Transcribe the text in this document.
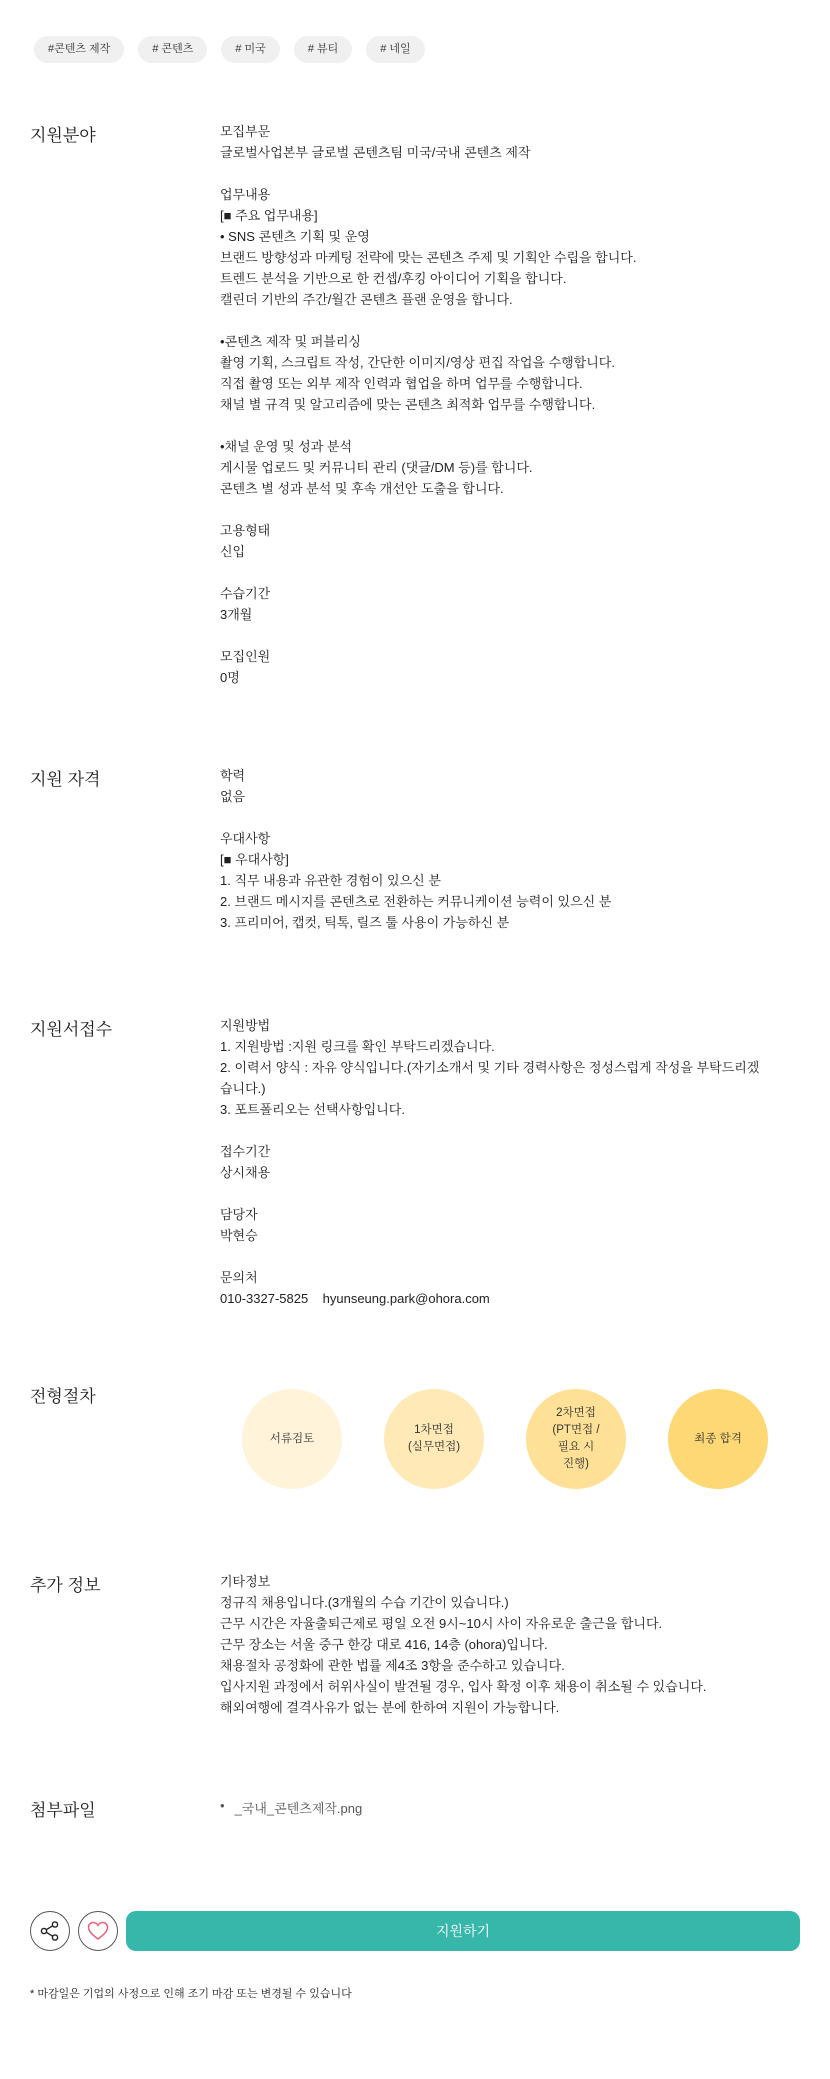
#콘텐츠 제작	# 콘텐츠	# 미국	# 뷰티	# 네일
지원분야	모집부문
글로벌사업본부 글로벌 콘텐츠팀 미국/국내 콘텐츠 제작
업무내용
[■ 주요 업무내용]
• SNS 콘텐츠 기획 및 운영
브랜드 방향성과 마케팅 전략에 맞는 콘텐츠 주제 및 기획안 수립을 합니다.
트렌드 분석을 기반으로 한 컨셉/후킹 아이디어 기획을 합니다.
캘린더 기반의 주간/월간 콘텐츠 플랜 운영을 합니다.
•콘텐츠 제작 및 퍼블리싱
촬영 기획, 스크립트 작성, 간단한 이미지/영상 편집 작업을 수행합니다.
직접 촬영 또는 외부 제작 인력과 협업을 하며 업무를 수행합니다.
채널 별 규격 및 알고리즘에 맞는 콘텐츠 최적화 업무를 수행합니다.
•채널 운영 및 성과 분석
게시물 업로드 및 커뮤니티 관리 (댓글/DM 등)를 합니다.
콘텐츠 별 성과 분석 및 후속 개선안 도출을 합니다.
고용형태
신입
수습기간
3개월
모집인원
0명
지원 자격	학력
없음
우대사항
[■ 우대사항]
1. 직무 내용과 유관한 경험이 있으신 분
2. 브랜드 메시지를 콘텐츠로 전환하는 커뮤니케이션 능력이 있으신 분
3. 프리미어, 캡컷, 틱톡, 릴즈 툴 사용이 가능하신 분
지원서접수	지원방법
1. 지원방법 :지원 링크를 확인 부탁드리겠습니다.
2. 이력서 양식 : 자유 양식입니다.(자기소개서 및 기타 경력사항은 정성스럽게 작성을 부탁드리겠습니다.)
3. 포트폴리오는 선택사항입니다.
접수기간
상시채용
담당자
박현승
문의처
010-3327-5825    hyunseung.park@ohora.com
전형절차
서류검토
1차면접
(실무면접)
2차면접
(PT면접 /
필요 시
진행)
최종 합격
추가 정보	기타정보
정규직 채용입니다.(3개월의 수습 기간이 있습니다.)
근무 시간은 자율출퇴근제로 평일 오전 9시~10시 사이 자유로운 출근을 합니다.
근무 장소는 서울 중구 한강 대로 416, 14층 (ohora)입니다.
채용절차 공정화에 관한 법률 제4조 3항을 준수하고 있습니다.
입사지원 과정에서 허위사실이 발견될 경우, 입사 확정 이후 채용이 취소될 수 있습니다.
해외여행에 결격사유가 없는 분에 한하여 지원이 가능합니다.
첨부파일	• _국내_콘텐츠제작.png
지원하기
* 마감일은 기업의 사정으로 인해 조기 마감 또는 변경될 수 있습니다
